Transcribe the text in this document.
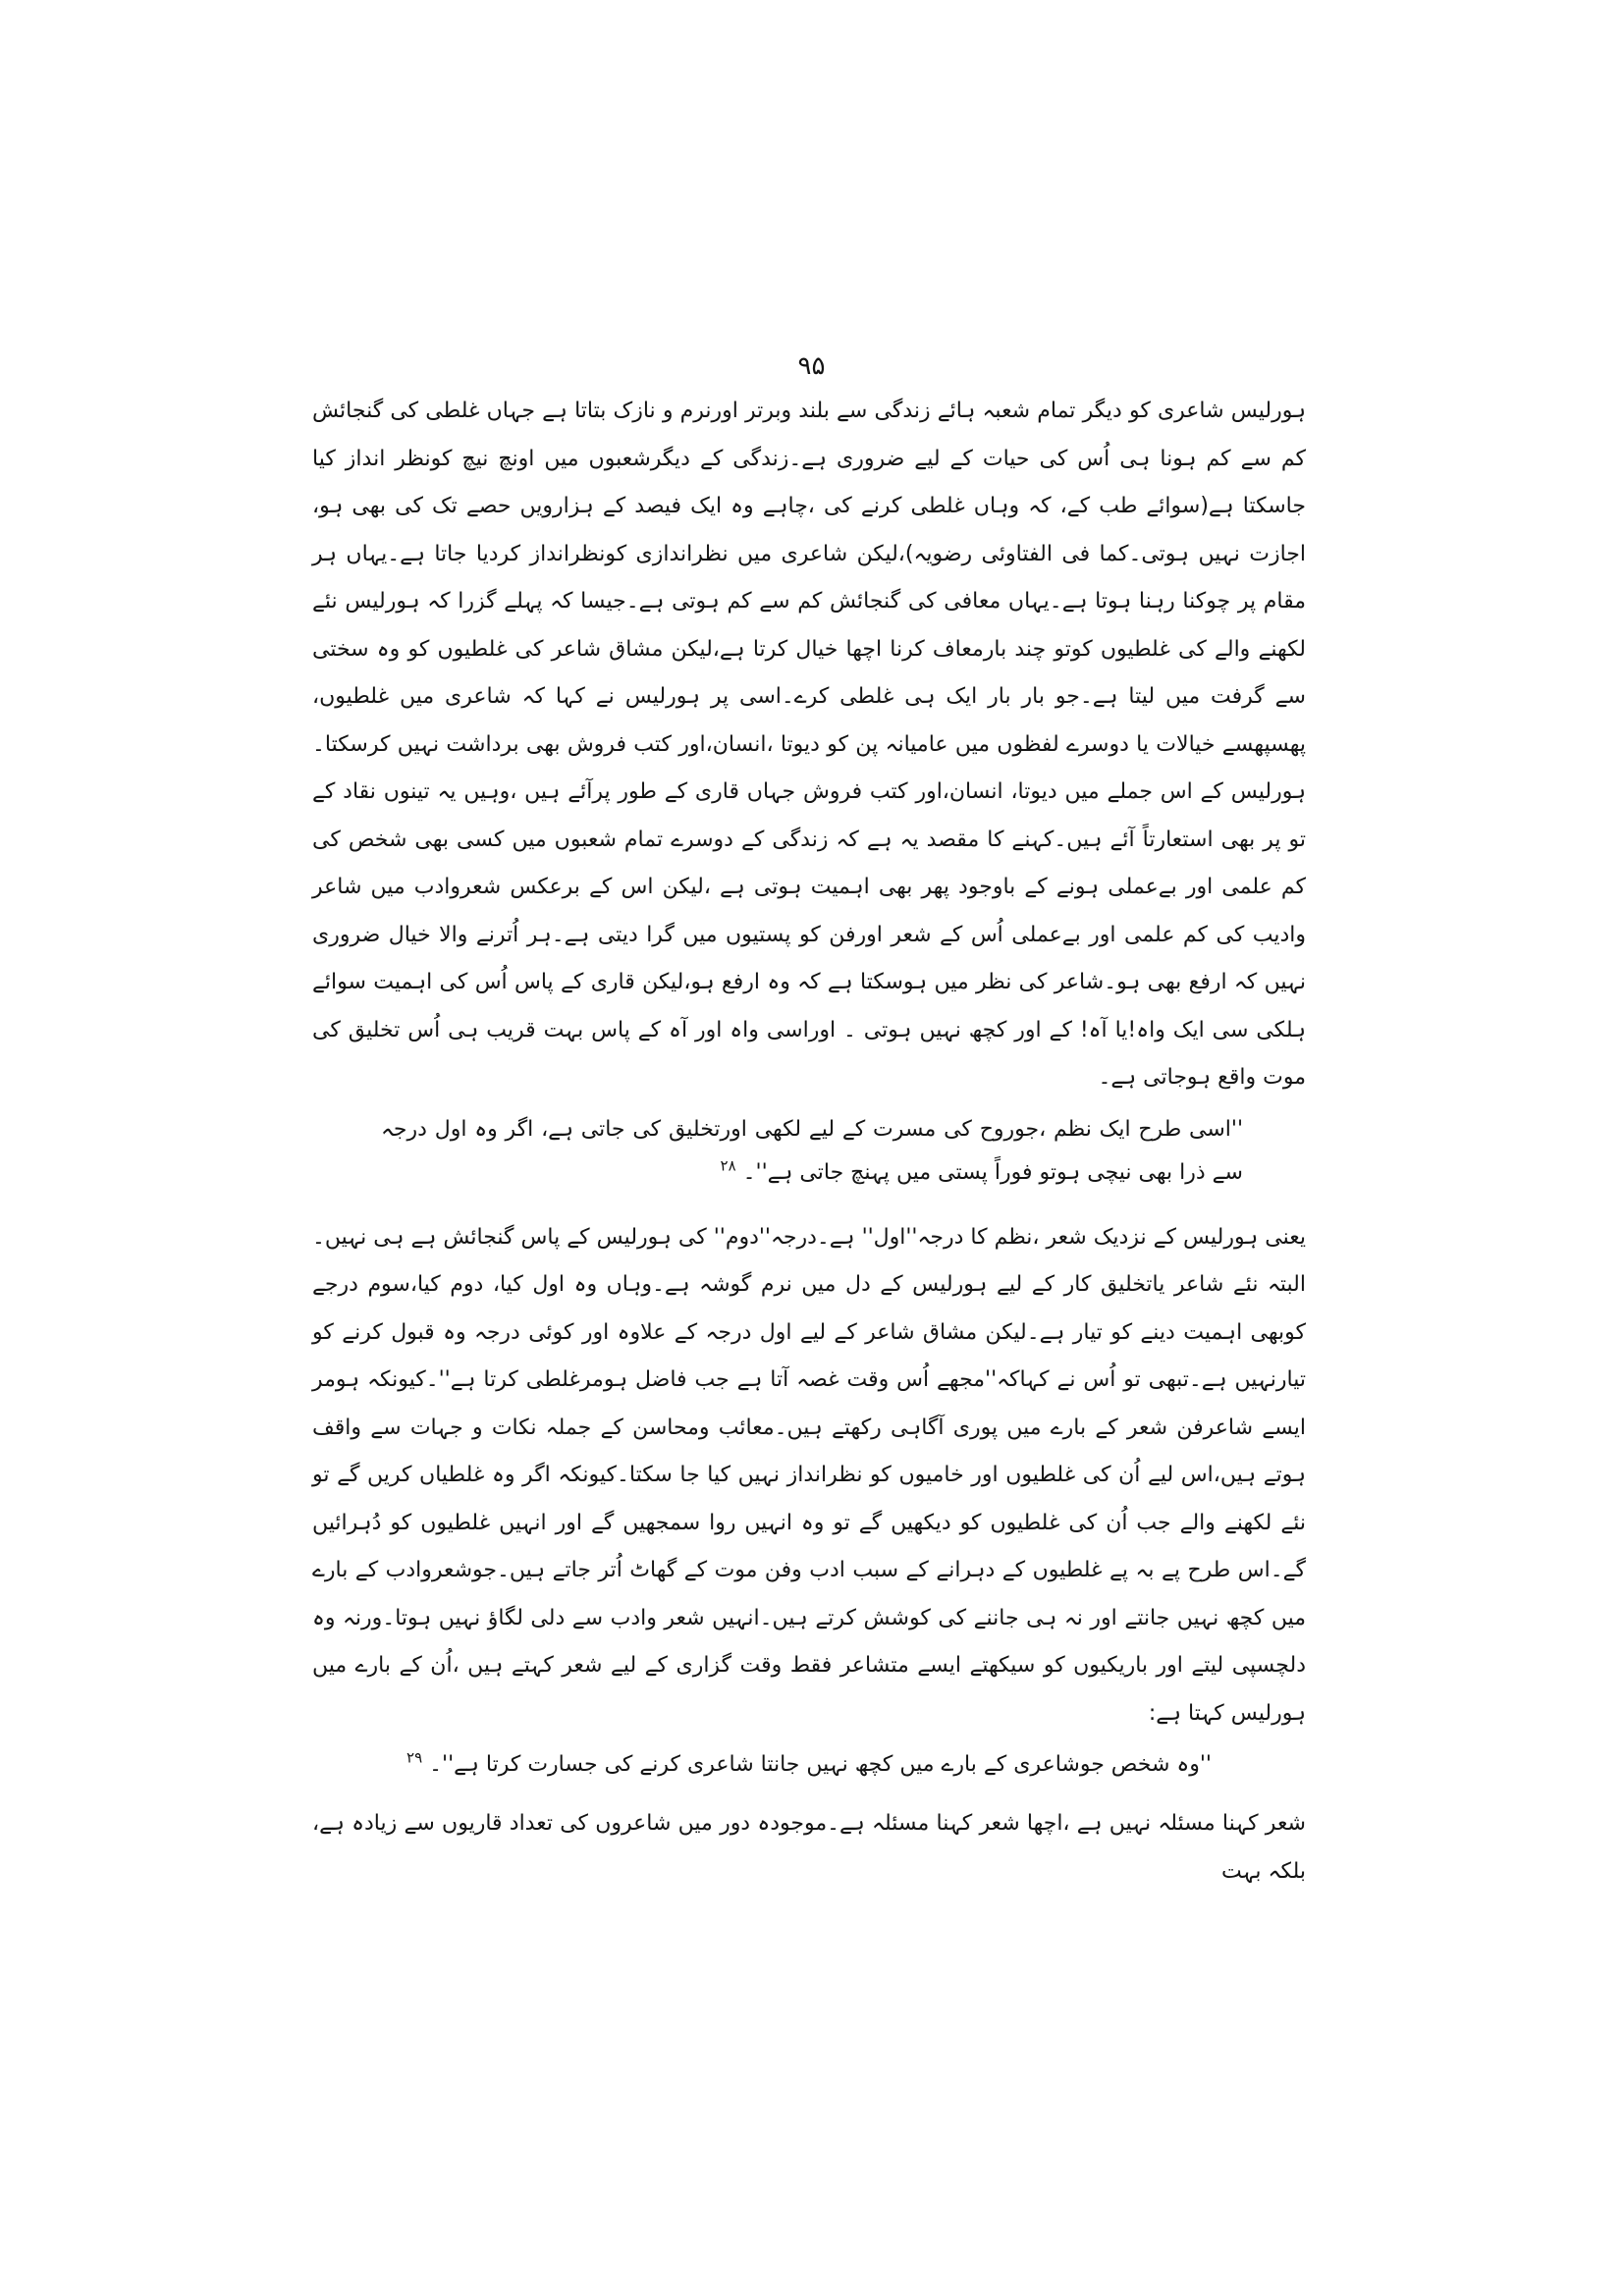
۹۵

ہورلیس شاعری کو دیگر تمام شعبہ ہائے زندگی سے بلند وبرتر اورنرم و نازک بتاتا ہے جہاں غلطی کی گنجائش کم سے کم ہونا ہی اُس کی حیات کے لیے ضروری ہے۔زندگی کے دیگرشعبوں میں اونچ نیچ کونظر انداز کیا جاسکتا ہے(سوائے طب کے، کہ وہاں غلطی کرنے کی ،چاہے وہ ایک فیصد کے ہزارویں حصے تک کی بھی ہو، اجازت نہیں ہوتی۔کما فی الفتاوئی رضویہ)،لیکن شاعری میں نظراندازی کونظرانداز کردیا جاتا ہے۔یہاں ہر مقام پر چوکنا رہنا ہوتا ہے۔یہاں معافی کی گنجائش کم سے کم ہوتی ہے۔جیسا کہ پہلے گزرا کہ ہورلیس نئے لکھنے والے کی غلطیوں کوتو چند بارمعاف کرنا اچھا خیال کرتا ہے،لیکن مشاق شاعر کی غلطیوں کو وہ سختی سے گرفت میں لیتا ہے۔جو بار بار ایک ہی غلطی کرے۔اسی پر ہورلیس نے کہا کہ شاعری میں غلطیوں، پھسپھسے خیالات یا دوسرے لفظوں میں عامیانہ پن کو دیوتا ،انسان،اور کتب فروش بھی برداشت نہیں کرسکتا۔ہورلیس کے اس جملے میں دیوتا، انسان،اور کتب فروش جہاں قاری کے طور پرآئے ہیں ،وہیں یہ تینوں نقاد کے تو پر بھی استعارتاً آئے ہیں۔کہنے کا مقصد یہ ہے کہ زندگی کے دوسرے تمام شعبوں میں کسی بھی شخص کی کم علمی اور بےعملی ہونے کے باوجود پھر بھی اہمیت ہوتی ہے ،لیکن اس کے برعکس شعروادب میں شاعر وادیب کی کم علمی اور بےعملی اُس کے شعر اورفن کو پستیوں میں گرا دیتی ہے۔ہر اُترنے والا خیال ضروری نہیں کہ ارفع بھی ہو۔شاعر کی نظر میں ہوسکتا ہے کہ وہ ارفع ہو،لیکن قاری کے پاس اُس کی اہمیت سوائے ہلکی سی ایک واہ!یا آہ! کے اور کچھ نہیں ہوتی ۔ اوراسی واہ اور آہ کے پاس بہت قریب ہی اُس تخلیق کی موت واقع ہوجاتی ہے۔

''اسی طرح ایک نظم ،جوروح کی مسرت کے لیے لکھی اورتخلیق کی جاتی ہے، اگر وہ اول درجہ سے ذرا بھی نیچی ہوتو فوراً پستی میں پہنچ جاتی ہے''۔ $^{۲۸}$

یعنی ہورلیس کے نزدیک شعر ،نظم کا درجہ''اول'' ہے۔درجہ''دوم'' کی ہورلیس کے پاس گنجائش ہے ہی نہیں۔البتہ نئے شاعر یاتخلیق کار کے لیے ہورلیس کے دل میں نرم گوشہ ہے۔وہاں وہ اول کیا، دوم کیا،سوم درجے کوبھی اہمیت دینے کو تیار ہے۔لیکن مشاق شاعر کے لیے اول درجہ کے علاوہ اور کوئی درجہ وہ قبول کرنے کو تیارنہیں ہے۔تبھی تو اُس نے کہاکہ''مجھے اُس وقت غصہ آتا ہے جب فاضل ہومرغلطی کرتا ہے''۔کیونکہ ہومر ایسے شاعرفن شعر کے بارے میں پوری آگاہی رکھتے ہیں۔معائب ومحاسن کے جملہ نکات و جہات سے واقف ہوتے ہیں،اس لیے اُن کی غلطیوں اور خامیوں کو نظرانداز نہیں کیا جا سکتا۔کیونکہ اگر وہ غلطیاں کریں گے تو نئے لکھنے والے جب اُن کی غلطیوں کو دیکھیں گے تو وہ انہیں روا سمجھیں گے اور انہیں غلطیوں کو دُہرائیں گے۔اس طرح پے بہ پے غلطیوں کے دہرانے کے سبب ادب وفن موت کے گھاٹ اُتر جاتے ہیں۔جوشعروادب کے بارے میں کچھ نہیں جانتے اور نہ ہی جاننے کی کوشش کرتے ہیں۔انہیں شعر وادب سے دلی لگاؤ نہیں ہوتا۔ورنہ وہ دلچسپی لیتے اور باریکیوں کو سیکھتے ایسے متشاعر فقط وقت گزاری کے لیے شعر کہتے ہیں ،اُن کے بارے میں ہورلیس کہتا ہے:

''وہ شخص جوشاعری کے بارے میں کچھ نہیں جانتا شاعری کرنے کی جسارت کرتا ہے''۔ $^{۲۹}$

شعر کہنا مسئلہ نہیں ہے ،اچھا شعر کہنا مسئلہ ہے۔موجودہ دور میں شاعروں کی تعداد قاریوں سے زیادہ ہے، بلکہ بہت
